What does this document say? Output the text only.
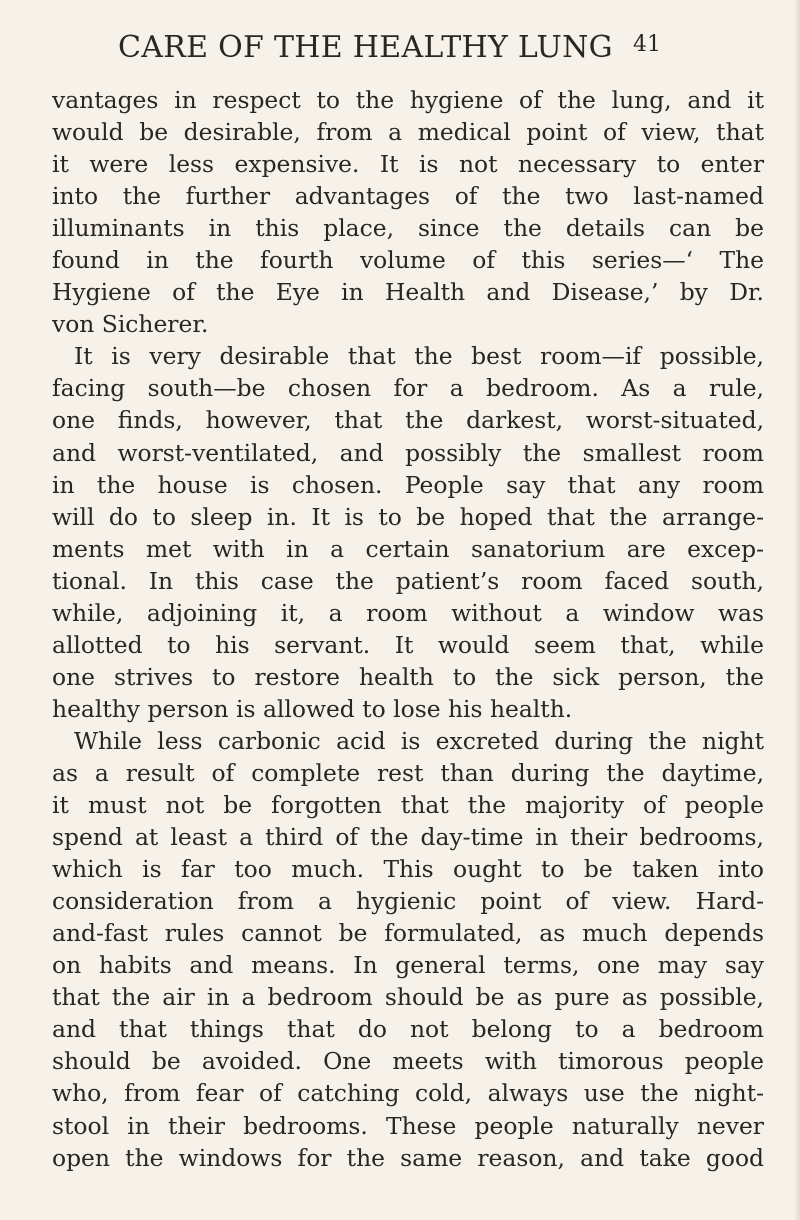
CARE OF THE HEALTHY LUNG 41
vantages in respect to the hygiene of the lung, and it
would be desirable, from a medical point of view, that
it were less expensive. It is not necessary to enter
into the further advantages of the two last-named
illuminants in this place, since the details can be
found in the fourth volume of this series—‘ The
Hygiene of the Eye in Health and Disease,’ by Dr.
von Sicherer.
It is very desirable that the best room—if possible,
facing south—be chosen for a bedroom. As a rule,
one finds, however, that the darkest, worst-situated,
and worst-ventilated, and possibly the smallest room
in the house is chosen. People say that any room
will do to sleep in. It is to be hoped that the arrange-
ments met with in a certain sanatorium are excep-
tional. In this case the patient’s room faced south,
while, adjoining it, a room without a window was
allotted to his servant. It would seem that, while
one strives to restore health to the sick person, the
healthy person is allowed to lose his health.
While less carbonic acid is excreted during the night
as a result of complete rest than during the daytime,
it must not be forgotten that the majority of people
spend at least a third of the day-time in their bedrooms,
which is far too much. This ought to be taken into
consideration from a hygienic point of view. Hard-
and-fast rules cannot be formulated, as much depends
on habits and means. In general terms, one may say
that the air in a bedroom should be as pure as possible,
and that things that do not belong to a bedroom
should be avoided. One meets with timorous people
who, from fear of catching cold, always use the night-
stool in their bedrooms. These people naturally never
open the windows for the same reason, and take good
